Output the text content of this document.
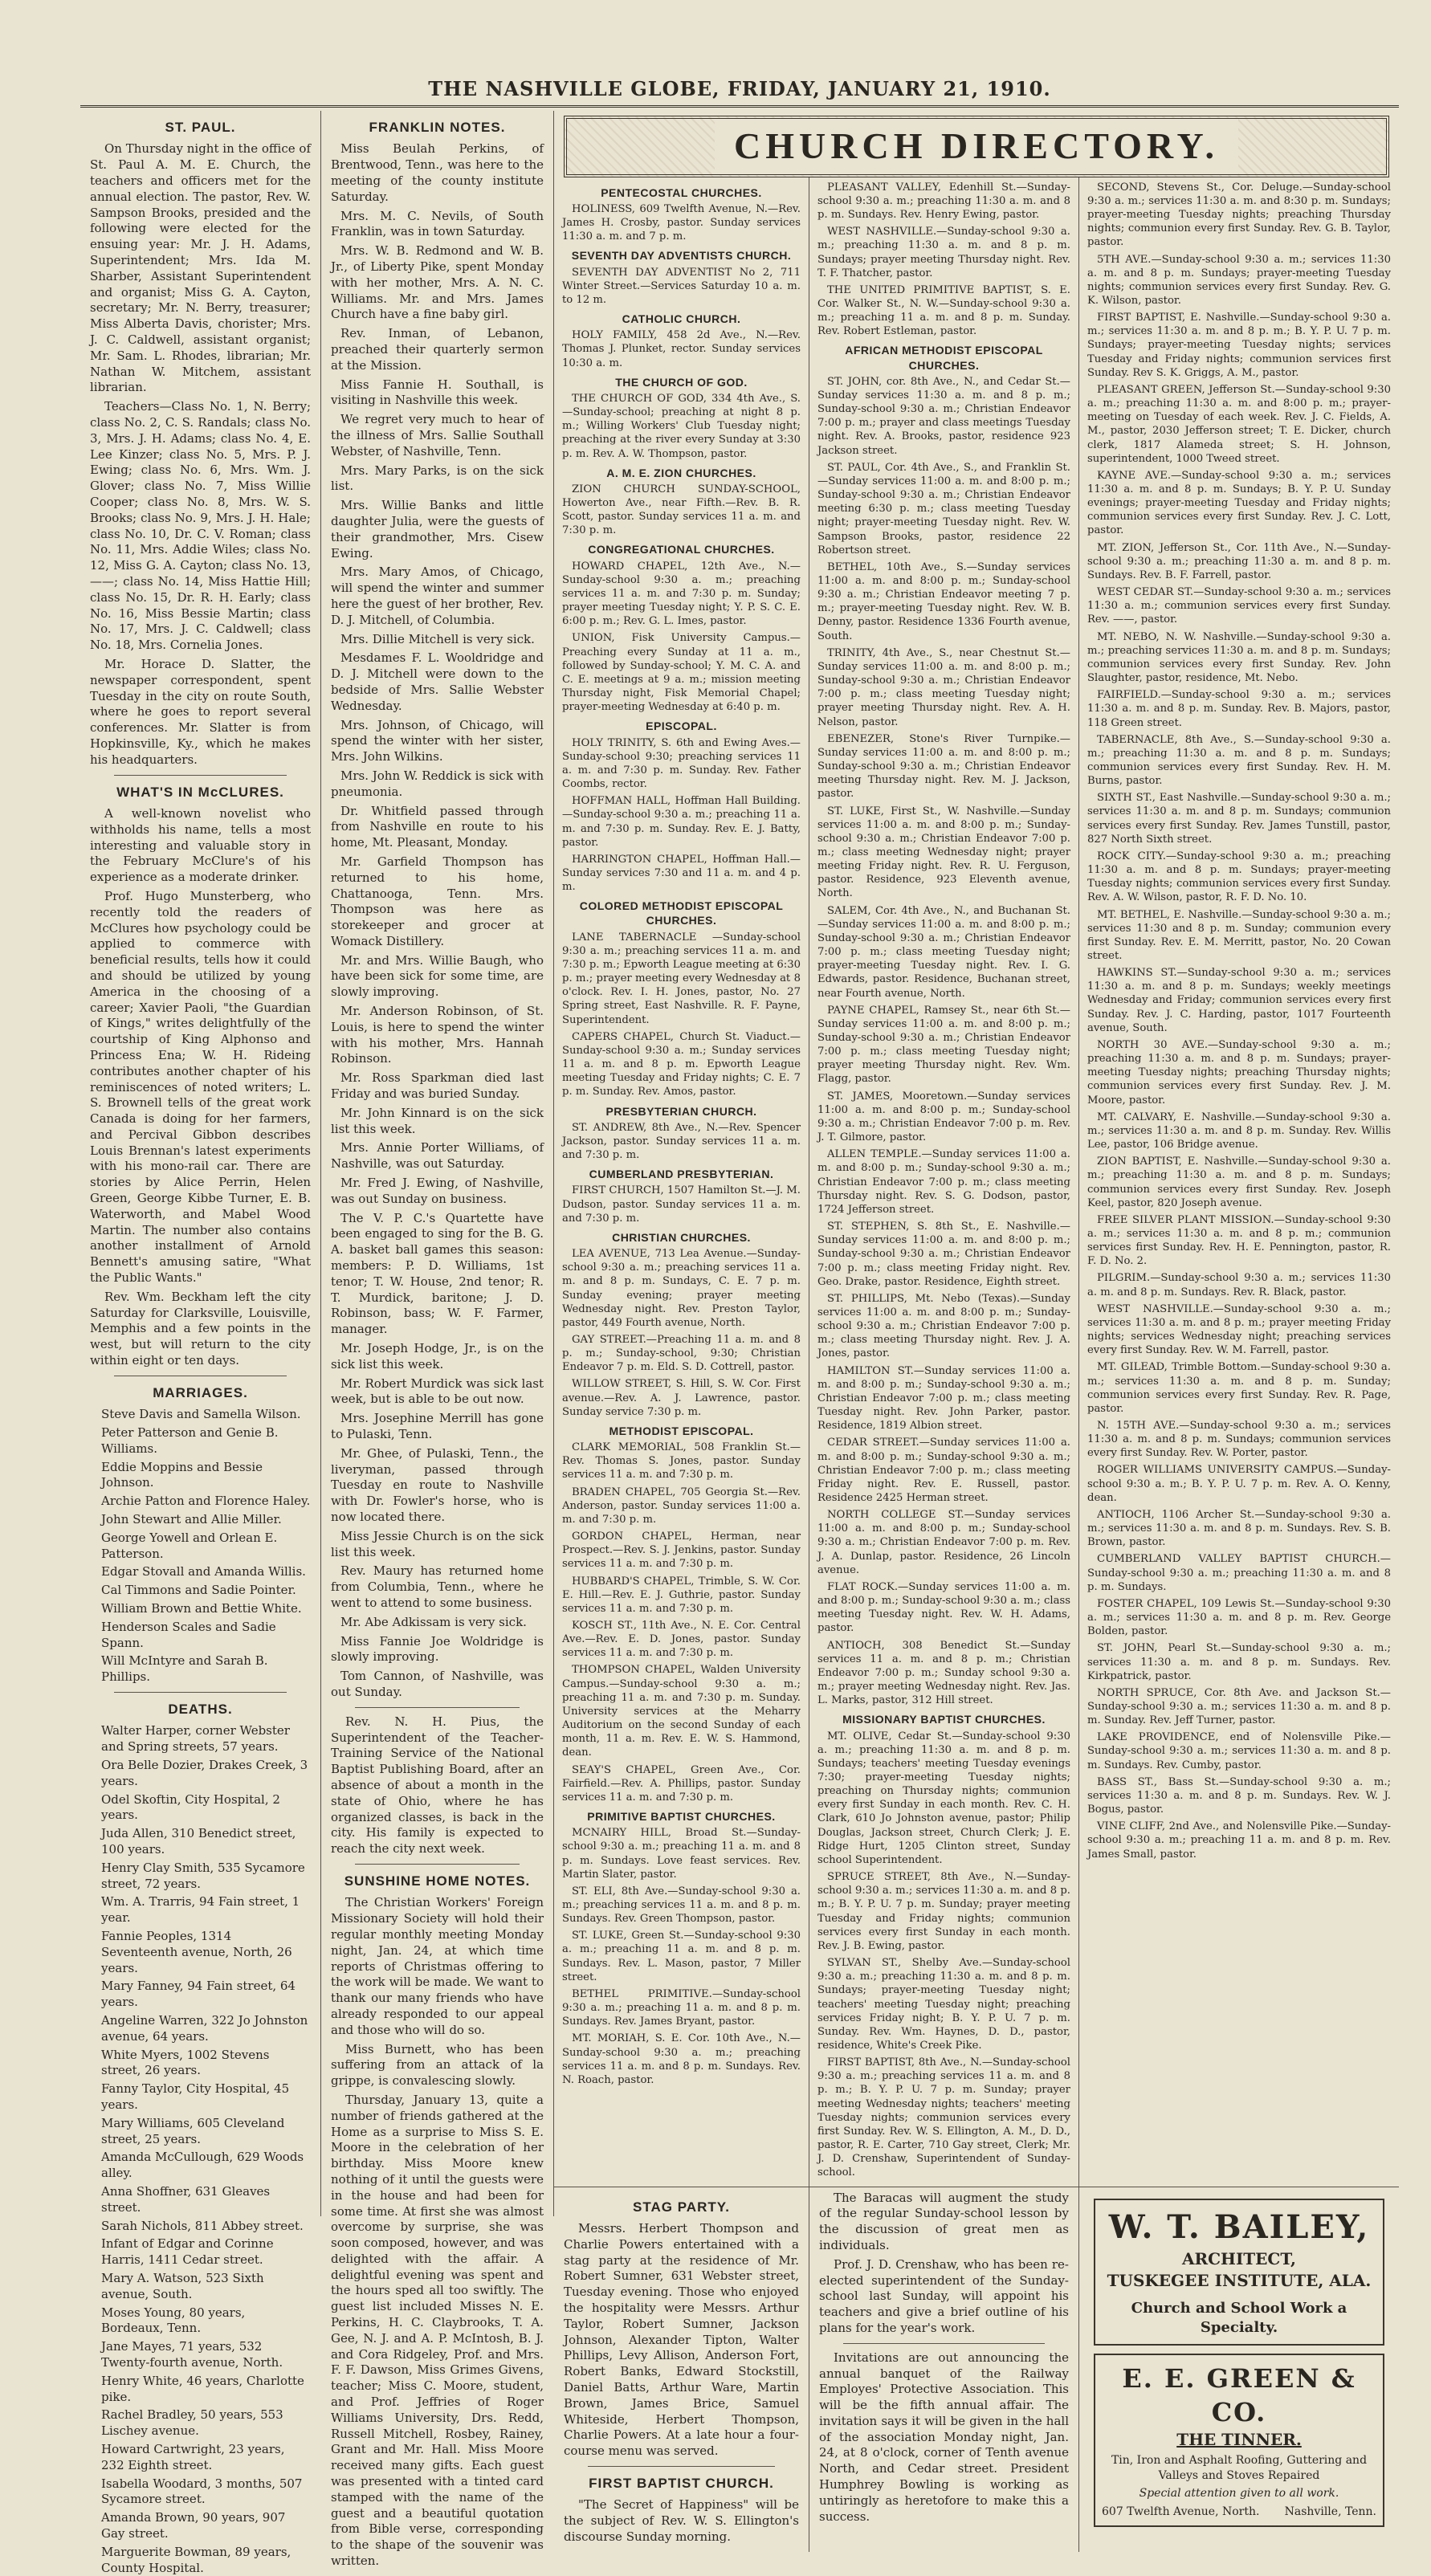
THE NASHVILLE GLOBE, FRIDAY, JANUARY 21, 1910.
ST. PAUL.

On Thursday night in the office of St. Paul A. M. E. Church, the teachers and officers met for the annual election. The pastor, Rev. W. Sampson Brooks, presided and the following were elected for the ensuing year: Mr. J. H. Adams, Superintendent; Mrs. Ida M. Sharber, Assistant Superintendent and organist; Miss G. A. Cayton, secretary; Mr. N. Berry, treasurer; Miss Alberta Davis, chorister; Mrs. J. C. Caldwell, assistant organist; Mr. Sam. L. Rhodes, librarian; Mr. Nathan W. Mitchem, assistant librarian.

Teachers—Class No. 1, N. Berry; class No. 2, C. S. Randals; class No. 3, Mrs. J. H. Adams; class No. 4, E. Lee Kinzer; class No. 5, Mrs. P. J. Ewing; class No. 6, Mrs. Wm. J. Glover; class No. 7, Miss Willie Cooper; class No. 8, Mrs. W. S. Brooks; class No. 9, Mrs. J. H. Hale; class No. 10, Dr. C. V. Roman; class No. 11, Mrs. Addie Wiles; class No. 12, Miss G. A. Cayton; class No. 13, ——; class No. 14, Miss Hattie Hill; class No. 15, Dr. R. H. Early; class No. 16, Miss Bessie Martin; class No. 17, Mrs. J. C. Caldwell; class No. 18, Mrs. Cornelia Jones.

Mr. Horace D. Slatter, the newspaper correspondent, spent Tuesday in the city on route South, where he goes to report several conferences. Mr. Slatter is from Hopkinsville, Ky., which he makes his headquarters.

WHAT'S IN McCLURES.

A well-known novelist who withholds his name, tells a most interesting and valuable story in the February McClure's of his experience as a moderate drinker.

Prof. Hugo Munsterberg, who recently told the readers of McClures how psychology could be applied to commerce with beneficial results, tells how it could and should be utilized by young America in the choosing of a career; Xavier Paoli, "the Guardian of Kings," writes delightfully of the courtship of King Alphonso and Princess Ena; W. H. Rideing contributes another chapter of his reminiscences of noted writers; L. S. Brownell tells of the great work Canada is doing for her farmers, and Percival Gibbon describes Louis Brennan's latest experiments with his mono-rail car. There are stories by Alice Perrin, Helen Green, George Kibbe Turner, E. B. Waterworth, and Mabel Wood Martin. The number also contains another installment of Arnold Bennett's amusing satire, "What the Public Wants."

Rev. Wm. Beckham left the city Saturday for Clarksville, Louisville, Memphis and a few points in the west, but will return to the city within eight or ten days.

MARRIAGES.
Steve Davis and Samella Wilson.
Peter Patterson and Genie B. Williams.
Eddie Moppins and Bessie Johnson.
Archie Patton and Florence Haley.
John Stewart and Allie Miller.
George Yowell and Orlean E. Patterson.
Edgar Stovall and Amanda Willis.
Cal Timmons and Sadie Pointer.
William Brown and Bettie White.
Henderson Scales and Sadie Spann.
Will McIntyre and Sarah B. Phillips.
DEATHS.
Walter Harper, corner Webster and Spring streets, 57 years.
Ora Belle Dozier, Drakes Creek, 3 years.
Odel Skoftin, City Hospital, 2 years.
Juda Allen, 310 Benedict street, 100 years.
Henry Clay Smith, 535 Sycamore street, 72 years.
Wm. A. Trarris, 94 Fain street, 1 year.
Fannie Peoples, 1314 Seventeenth avenue, North, 26 years.
Mary Fanney, 94 Fain street, 64 years.
Angeline Warren, 322 Jo Johnston avenue, 64 years.
White Myers, 1002 Stevens street, 26 years.
Fanny Taylor, City Hospital, 45 years.
Mary Williams, 605 Cleveland street, 25 years.
Amanda McCullough, 629 Woods alley.
Anna Shoffner, 631 Gleaves street.
Sarah Nichols, 811 Abbey street.
Infant of Edgar and Corinne Harris, 1411 Cedar street.
Mary A. Watson, 523 Sixth avenue, South.
Moses Young, 80 years, Bordeaux, Tenn.
Jane Mayes, 71 years, 532 Twenty-fourth avenue, North.
Henry White, 46 years, Charlotte pike.
Rachel Bradley, 50 years, 553 Lischey avenue.
Howard Cartwright, 23 years, 232 Eighth street.
Isabella Woodard, 3 months, 507 Sycamore street.
Amanda Brown, 90 years, 907 Gay street.
Marguerite Bowman, 89 years, County Hospital.
FRANKLIN NOTES.
Miss Beulah Perkins, of Brentwood, Tenn., was here to the meeting of the county institute Saturday.
Mrs. M. C. Nevils, of South Franklin, was in town Saturday.
Mrs. W. B. Redmond and W. B. Jr., of Liberty Pike, spent Monday with her mother, Mrs. A. N. C. Williams. Mr. and Mrs. James Church have a fine baby girl.
Rev. Inman, of Lebanon, preached their quarterly sermon at the Mission.
Miss Fannie H. Southall, is visiting in Nashville this week.
We regret very much to hear of the illness of Mrs. Sallie Southall Webster, of Nashville, Tenn.
Mrs. Mary Parks, is on the sick list.
Mrs. Willie Banks and little daughter Julia, were the guests of their grandmother, Mrs. Cisew Ewing.
Mrs. Mary Amos, of Chicago, will spend the winter and summer here the guest of her brother, Rev. D. J. Mitchell, of Columbia.
Mrs. Dillie Mitchell is very sick.
Mesdames F. L. Wooldridge and D. J. Mitchell were down to the bedside of Mrs. Sallie Webster Wednesday.
Mrs. Johnson, of Chicago, will spend the winter with her sister, Mrs. John Wilkins.
Mrs. John W. Reddick is sick with pneumonia.
Dr. Whitfield passed through from Nashville en route to his home, Mt. Pleasant, Monday.
Mr. Garfield Thompson has returned to his home, Chattanooga, Tenn. Mrs. Thompson was here as storekeeper and grocer at Womack Distillery.
Mr. and Mrs. Willie Baugh, who have been sick for some time, are slowly improving.
Mr. Anderson Robinson, of St. Louis, is here to spend the winter with his mother, Mrs. Hannah Robinson.
Mr. Ross Sparkman died last Friday and was buried Sunday.
Mr. John Kinnard is on the sick list this week.
Mrs. Annie Porter Williams, of Nashville, was out Saturday.
Mr. Fred J. Ewing, of Nashville, was out Sunday on business.
The V. P. C.'s Quartette have been engaged to sing for the B. G. A. basket ball games this season: members: P. D. Williams, 1st tenor; T. W. House, 2nd tenor; R. T. Murdick, baritone; J. D. Robinson, bass; W. F. Farmer, manager.
Mr. Joseph Hodge, Jr., is on the sick list this week.
Mr. Robert Murdick was sick last week, but is able to be out now.
Mrs. Josephine Merrill has gone to Pulaski, Tenn.
Mr. Ghee, of Pulaski, Tenn., the liveryman, passed through Tuesday en route to Nashville with Dr. Fowler's horse, who is now located there.
Miss Jessie Church is on the sick list this week.
Rev. Maury has returned home from Columbia, Tenn., where he went to attend to some business.
Mr. Abe Adkissam is very sick.
Miss Fannie Joe Woldridge is slowly improving.
Tom Cannon, of Nashville, was out Sunday.

Rev. N. H. Pius, the Superintendent of the Teacher-Training Service of the National Baptist Publishing Board, after an absence of about a month in the state of Ohio, where he has organized classes, is back in the city. His family is expected to reach the city next week.

SUNSHINE HOME NOTES.

The Christian Workers' Foreign Missionary Society will hold their regular monthly meeting Monday night, Jan. 24, at which time reports of Christmas offering to the work will be made. We want to thank our many friends who have already responded to our appeal and those who will do so.

Miss Burnett, who has been suffering from an attack of la grippe, is convalescing slowly.

Thursday, January 13, quite a number of friends gathered at the Home as a surprise to Miss S. E. Moore in the celebration of her birthday. Miss Moore knew nothing of it until the guests were in the house and had been for some time. At first she was almost overcome by surprise, she was soon composed, however, and was delighted with the affair. A delightful evening was spent and the hours sped all too swiftly. The guest list included Misses N. E. Perkins, H. C. Claybrooks, T. A. Gee, N. J. and A. P. McIntosh, B. J. and Cora Ridgeley, Prof. and Mrs. F. F. Dawson, Miss Grimes Givens, teacher; Miss C. Moore, student, and Prof. Jeffries of Roger Williams University, Drs. Redd, Russell Mitchell, Rosbey, Rainey, Grant and Mr. Hall. Miss Moore received many gifts. Each guest was presented with a tinted card stamped with the name of the guest and a beautiful quotation from Bible verse, corresponding to the shape of the souvenir was written.

CHURCH DIRECTORY.
PENTECOSTAL CHURCHES.
HOLINESS, 609 Twelfth Avenue, N.—Rev. James H. Crosby, pastor. Sunday services 11:30 a. m. and 7 p. m.
SEVENTH DAY ADVENTISTS CHURCH.
SEVENTH DAY ADVENTIST No 2, 711 Winter Street.—Services Saturday 10 a. m. to 12 m.
CATHOLIC CHURCH.
HOLY FAMILY, 458 2d Ave., N.—Rev. Thomas J. Plunket, rector. Sunday services 10:30 a. m.
THE CHURCH OF GOD.
THE CHURCH OF GOD, 334 4th Ave., S. —Sunday-school; preaching at night 8 p. m.; Willing Workers' Club Tuesday night; preaching at the river every Sunday at 3:30 p. m. Rev. A. W. Thompson, pastor.
A. M. E. ZION CHURCHES.
ZION CHURCH SUNDAY-SCHOOL, Howerton Ave., near Fifth.—Rev. B. R. Scott, pastor. Sunday services 11 a. m. and 7:30 p. m.
CONGREGATIONAL CHURCHES.
HOWARD CHAPEL, 12th Ave., N.—Sunday-school 9:30 a. m.; preaching services 11 a. m. and 7:30 p. m. Sunday; prayer meeting Tuesday night; Y. P. S. C. E. 6:00 p. m.; Rev. G. L. Imes, pastor.
UNION, Fisk University Campus.—Preaching every Sunday at 11 a. m., followed by Sunday-school; Y. M. C. A. and C. E. meetings at 9 a. m.; mission meeting Thursday night, Fisk Memorial Chapel; prayer-meeting Wednesday at 6:40 p. m.
EPISCOPAL.
HOLY TRINITY, S. 6th and Ewing Aves.—Sunday-school 9:30; preaching services 11 a. m. and 7:30 p. m. Sunday. Rev. Father Coombs, rector.
HOFFMAN HALL, Hoffman Hall Building.—Sunday-school 9:30 a. m.; preaching 11 a. m. and 7:30 p. m. Sunday. Rev. E. J. Batty, pastor.
HARRINGTON CHAPEL, Hoffman Hall.—Sunday services 7:30 and 11 a. m. and 4 p. m.
COLORED METHODIST EPISCOPAL CHURCHES.
LANE TABERNACLE —Sunday-school 9:30 a. m.; preaching services 11 a. m. and 7:30 p. m.; Epworth League meeting at 6:30 p. m.; prayer meeting every Wednesday at 8 o'clock. Rev. I. H. Jones, pastor, No. 27 Spring street, East Nashville. R. F. Payne, Superintendent.
CAPERS CHAPEL, Church St. Viaduct.—Sunday-school 9:30 a. m.; Sunday services 11 a. m. and 8 p. m. Epworth League meeting Tuesday and Friday nights; C. E. 7 p. m. Sunday. Rev. Amos, pastor.
PRESBYTERIAN CHURCH.
ST. ANDREW, 8th Ave., N.—Rev. Spencer Jackson, pastor. Sunday services 11 a. m. and 7:30 p. m.
CUMBERLAND PRESBYTERIAN.
FIRST CHURCH, 1507 Hamilton St.—J. M. Dudson, pastor. Sunday services 11 a. m. and 7:30 p. m.
CHRISTIAN CHURCHES.
LEA AVENUE, 713 Lea Avenue.—Sunday-school 9:30 a. m.; preaching services 11 a. m. and 8 p. m. Sundays, C. E. 7 p. m. Sunday evening; prayer meeting Wednesday night. Rev. Preston Taylor, pastor, 449 Fourth avenue, North.
GAY STREET.—Preaching 11 a. m. and 8 p. m.; Sunday-school, 9:30; Christian Endeavor 7 p. m. Eld. S. D. Cottrell, pastor.
WILLOW STREET, S. Hill, S. W. Cor. First avenue.—Rev. A. J. Lawrence, pastor. Sunday service 7:30 p. m.
METHODIST EPISCOPAL.
CLARK MEMORIAL, 508 Franklin St.—Rev. Thomas S. Jones, pastor. Sunday services 11 a. m. and 7:30 p. m.
BRADEN CHAPEL, 705 Georgia St.—Rev. Anderson, pastor. Sunday services 11:00 a. m. and 7:30 p. m.
GORDON CHAPEL, Herman, near Prospect.—Rev. S. J. Jenkins, pastor. Sunday services 11 a. m. and 7:30 p. m.
HUBBARD'S CHAPEL, Trimble, S. W. Cor. E. Hill.—Rev. E. J. Guthrie, pastor. Sunday services 11 a. m. and 7:30 p. m.
KOSCH ST., 11th Ave., N. E. Cor. Central Ave.—Rev. E. D. Jones, pastor. Sunday services 11 a. m. and 7:30 p. m.
THOMPSON CHAPEL, Walden University Campus.—Sunday-school 9:30 a. m.; preaching 11 a. m. and 7:30 p. m. Sunday. University services at the Meharry Auditorium on the second Sunday of each month, 11 a. m. Rev. E. W. S. Hammond, dean.
SEAY'S CHAPEL, Green Ave., Cor. Fairfield.—Rev. A. Phillips, pastor. Sunday services 11 a. m. and 7:30 p. m.
PRIMITIVE BAPTIST CHURCHES.
MCNAIRY HILL, Broad St.—Sunday-school 9:30 a. m.; preaching 11 a. m. and 8 p. m. Sundays. Love feast services. Rev. Martin Slater, pastor.
ST. ELI, 8th Ave.—Sunday-school 9:30 a. m.; preaching services 11 a. m. and 8 p. m. Sundays. Rev. Green Thompson, pastor.
ST. LUKE, Green St.—Sunday-school 9:30 a. m.; preaching 11 a. m. and 8 p. m. Sundays. Rev. L. Mason, pastor, 7 Miller street.
BETHEL PRIMITIVE.—Sunday-school 9:30 a. m.; preaching 11 a. m. and 8 p. m. Sundays. Rev. James Bryant, pastor.
MT. MORIAH, S. E. Cor. 10th Ave., N.—Sunday-school 9:30 a. m.; preaching services 11 a. m. and 8 p. m. Sundays. Rev. N. Roach, pastor.
PLEASANT VALLEY, Edenhill St.—Sunday-school 9:30 a. m.; preaching 11:30 a. m. and 8 p. m. Sundays. Rev. Henry Ewing, pastor.
WEST NASHVILLE.—Sunday-school 9:30 a. m.; preaching 11:30 a. m. and 8 p. m. Sundays; prayer meeting Thursday night. Rev. T. F. Thatcher, pastor.
THE UNITED PRIMITIVE BAPTIST, S. E. Cor. Walker St., N. W.—Sunday-school 9:30 a. m.; preaching 11 a. m. and 8 p. m. Sunday. Rev. Robert Estleman, pastor.
AFRICAN METHODIST EPISCOPAL CHURCHES.
ST. JOHN, cor. 8th Ave., N., and Cedar St.—Sunday services 11:30 a. m. and 8 p. m.; Sunday-school 9:30 a. m.; Christian Endeavor 7:00 p. m.; prayer and class meetings Tuesday night. Rev. A. Brooks, pastor, residence 923 Jackson street.
ST. PAUL, Cor. 4th Ave., S., and Franklin St.—Sunday services 11:00 a. m. and 8:00 p. m.; Sunday-school 9:30 a. m.; Christian Endeavor meeting 6:30 p. m.; class meeting Tuesday night; prayer-meeting Tuesday night. Rev. W. Sampson Brooks, pastor, residence 22 Robertson street.
BETHEL, 10th Ave., S.—Sunday services 11:00 a. m. and 8:00 p. m.; Sunday-school 9:30 a. m.; Christian Endeavor meeting 7 p. m.; prayer-meeting Tuesday night. Rev. W. B. Denny, pastor. Residence 1336 Fourth avenue, South.
TRINITY, 4th Ave., S., near Chestnut St.—Sunday services 11:00 a. m. and 8:00 p. m.; Sunday-school 9:30 a. m.; Christian Endeavor 7:00 p. m.; class meeting Tuesday night; prayer meeting Thursday night. Rev. A. H. Nelson, pastor.
EBENEZER, Stone's River Turnpike.—Sunday services 11:00 a. m. and 8:00 p. m.; Sunday-school 9:30 a. m.; Christian Endeavor meeting Thursday night. Rev. M. J. Jackson, pastor.
ST. LUKE, First St., W. Nashville.—Sunday services 11:00 a. m. and 8:00 p. m.; Sunday-school 9:30 a. m.; Christian Endeavor 7:00 p. m.; class meeting Wednesday night; prayer meeting Friday night. Rev. R. U. Ferguson, pastor. Residence, 923 Eleventh avenue, North.
SALEM, Cor. 4th Ave., N., and Buchanan St.—Sunday services 11:00 a. m. and 8:00 p. m.; Sunday-school 9:30 a. m.; Christian Endeavor 7:00 p. m.; class meeting Tuesday night; prayer-meeting Tuesday night. Rev. I. G. Edwards, pastor. Residence, Buchanan street, near Fourth avenue, North.
PAYNE CHAPEL, Ramsey St., near 6th St.—Sunday services 11:00 a. m. and 8:00 p. m.; Sunday-school 9:30 a. m.; Christian Endeavor 7:00 p. m.; class meeting Tuesday night; prayer meeting Thursday night. Rev. Wm. Flagg, pastor.
ST. JAMES, Mooretown.—Sunday services 11:00 a. m. and 8:00 p. m.; Sunday-school 9:30 a. m.; Christian Endeavor 7:00 p. m. Rev. J. T. Gilmore, pastor.
ALLEN TEMPLE.—Sunday services 11:00 a. m. and 8:00 p. m.; Sunday-school 9:30 a. m.; Christian Endeavor 7:00 p. m.; class meeting Thursday night. Rev. S. G. Dodson, pastor, 1724 Jefferson street.
ST. STEPHEN, S. 8th St., E. Nashville.—Sunday services 11:00 a. m. and 8:00 p. m.; Sunday-school 9:30 a. m.; Christian Endeavor 7:00 p. m.; class meeting Friday night. Rev. Geo. Drake, pastor. Residence, Eighth street.
ST. PHILLIPS, Mt. Nebo (Texas).—Sunday services 11:00 a. m. and 8:00 p. m.; Sunday-school 9:30 a. m.; Christian Endeavor 7:00 p. m.; class meeting Thursday night. Rev. J. A. Jones, pastor.
HAMILTON ST.—Sunday services 11:00 a. m. and 8:00 p. m.; Sunday-school 9:30 a. m.; Christian Endeavor 7:00 p. m.; class meeting Tuesday night. Rev. John Parker, pastor. Residence, 1819 Albion street.
CEDAR STREET.—Sunday services 11:00 a. m. and 8:00 p. m.; Sunday-school 9:30 a. m.; Christian Endeavor 7:00 p. m.; class meeting Friday night. Rev. E. Russell, pastor. Residence 2425 Herman street.
NORTH COLLEGE ST.—Sunday services 11:00 a. m. and 8:00 p. m.; Sunday-school 9:30 a. m.; Christian Endeavor 7:00 p. m. Rev. J. A. Dunlap, pastor. Residence, 26 Lincoln avenue.
FLAT ROCK.—Sunday services 11:00 a. m. and 8:00 p. m.; Sunday-school 9:30 a. m.; class meeting Tuesday night. Rev. W. H. Adams, pastor.
ANTIOCH, 308 Benedict St.—Sunday services 11 a. m. and 8 p. m.; Christian Endeavor 7:00 p. m.; Sunday school 9:30 a. m.; prayer meeting Wednesday night. Rev. Jas. L. Marks, pastor, 312 Hill street.
MISSIONARY BAPTIST CHURCHES.
MT. OLIVE, Cedar St.—Sunday-school 9:30 a. m.; preaching 11:30 a. m. and 8 p. m. Sundays; teachers' meeting Tuesday evenings 7:30; prayer-meeting Tuesday nights; preaching on Thursday nights; communion every first Sunday in each month. Rev. C. H. Clark, 610 Jo Johnston avenue, pastor; Philip Douglas, Jackson street, Church Clerk; J. E. Ridge Hurt, 1205 Clinton street, Sunday school Superintendent.
SPRUCE STREET, 8th Ave., N.—Sunday-school 9:30 a. m.; services 11:30 a. m. and 8 p. m.; B. Y. P. U. 7 p. m. Sunday; prayer meeting Tuesday and Friday nights; communion services every first Sunday in each month. Rev. J. B. Ewing, pastor.
SYLVAN ST., Shelby Ave.—Sunday-school 9:30 a. m.; preaching 11:30 a. m. and 8 p. m. Sundays; prayer-meeting Tuesday night; teachers' meeting Tuesday night; preaching services Friday night; B. Y. P. U. 7 p. m. Sunday. Rev. Wm. Haynes, D. D., pastor, residence, White's Creek Pike.
FIRST BAPTIST, 8th Ave., N.—Sunday-school 9:30 a. m.; preaching services 11 a. m. and 8 p. m.; B. Y. P. U. 7 p. m. Sunday; prayer meeting Wednesday nights; teachers' meeting Tuesday nights; communion services every first Sunday. Rev. W. S. Ellington, A. M., D. D., pastor, R. E. Carter, 710 Gay street, Clerk; Mr. J. D. Crenshaw, Superintendent of Sunday-school.
SECOND, Stevens St., Cor. Deluge.—Sunday-school 9:30 a. m.; services 11:30 a. m. and 8:30 p. m. Sundays; prayer-meeting Tuesday nights; preaching Thursday nights; communion every first Sunday. Rev. G. B. Taylor, pastor.
5TH AVE.—Sunday-school 9:30 a. m.; services 11:30 a. m. and 8 p. m. Sundays; prayer-meeting Tuesday nights; communion services every first Sunday. Rev. G. K. Wilson, pastor.
FIRST BAPTIST, E. Nashville.—Sunday-school 9:30 a. m.; services 11:30 a. m. and 8 p. m.; B. Y. P. U. 7 p. m. Sundays; prayer-meeting Tuesday nights; services Tuesday and Friday nights; communion services first Sunday. Rev S. K. Griggs, A. M., pastor.
PLEASANT GREEN, Jefferson St.—Sunday-school 9:30 a. m.; preaching 11:30 a. m. and 8:00 p. m.; prayer-meeting on Tuesday of each week. Rev. J. C. Fields, A. M., pastor, 2030 Jefferson street; T. E. Dicker, church clerk, 1817 Alameda street; S. H. Johnson, superintendent, 1000 Tweed street.
KAYNE AVE.—Sunday-school 9:30 a. m.; services 11:30 a. m. and 8 p. m. Sundays; B. Y. P. U. Sunday evenings; prayer-meeting Tuesday and Friday nights; communion services every first Sunday. Rev. J. C. Lott, pastor.
MT. ZION, Jefferson St., Cor. 11th Ave., N.—Sunday-school 9:30 a. m.; preaching 11:30 a. m. and 8 p. m. Sundays. Rev. B. F. Farrell, pastor.
WEST CEDAR ST.—Sunday-school 9:30 a. m.; services 11:30 a. m.; communion services every first Sunday. Rev. ——, pastor.
MT. NEBO, N. W. Nashville.—Sunday-school 9:30 a. m.; preaching services 11:30 a. m. and 8 p. m. Sundays; communion services every first Sunday. Rev. John Slaughter, pastor, residence, Mt. Nebo.
FAIRFIELD.—Sunday-school 9:30 a. m.; services 11:30 a. m. and 8 p. m. Sunday. Rev. B. Majors, pastor, 118 Green street.
TABERNACLE, 8th Ave., S.—Sunday-school 9:30 a. m.; preaching 11:30 a. m. and 8 p. m. Sundays; communion services every first Sunday. Rev. H. M. Burns, pastor.
SIXTH ST., East Nashville.—Sunday-school 9:30 a. m.; services 11:30 a. m. and 8 p. m. Sundays; communion services every first Sunday. Rev. James Tunstill, pastor, 827 North Sixth street.
ROCK CITY.—Sunday-school 9:30 a. m.; preaching 11:30 a. m. and 8 p. m. Sundays; prayer-meeting Tuesday nights; communion services every first Sunday. Rev. A. W. Wilson, pastor, R. F. D. No. 10.
MT. BETHEL, E. Nashville.—Sunday-school 9:30 a. m.; services 11:30 and 8 p. m. Sunday; communion every first Sunday. Rev. E. M. Merritt, pastor, No. 20 Cowan street.
HAWKINS ST.—Sunday-school 9:30 a. m.; services 11:30 a. m. and 8 p. m. Sundays; weekly meetings Wednesday and Friday; communion services every first Sunday. Rev. J. C. Harding, pastor, 1017 Fourteenth avenue, South.
NORTH 30 AVE.—Sunday-school 9:30 a. m.; preaching 11:30 a. m. and 8 p. m. Sundays; prayer-meeting Tuesday nights; preaching Thursday nights; communion services every first Sunday. Rev. J. M. Moore, pastor.
MT. CALVARY, E. Nashville.—Sunday-school 9:30 a. m.; services 11:30 a. m. and 8 p. m. Sunday. Rev. Willis Lee, pastor, 106 Bridge avenue.
ZION BAPTIST, E. Nashville.—Sunday-school 9:30 a. m.; preaching 11:30 a. m. and 8 p. m. Sundays; communion services every first Sunday. Rev. Joseph Keel, pastor, 820 Joseph avenue.
FREE SILVER PLANT MISSION.—Sunday-school 9:30 a. m.; services 11:30 a. m. and 8 p. m.; communion services first Sunday. Rev. H. E. Pennington, pastor, R. F. D. No. 2.
PILGRIM.—Sunday-school 9:30 a. m.; services 11:30 a. m. and 8 p. m. Sundays. Rev. R. Black, pastor.
WEST NASHVILLE.—Sunday-school 9:30 a. m.; services 11:30 a. m. and 8 p. m.; prayer meeting Friday nights; services Wednesday night; preaching services every first Sunday. Rev. W. M. Farrell, pastor.
MT. GILEAD, Trimble Bottom.—Sunday-school 9:30 a. m.; services 11:30 a. m. and 8 p. m. Sunday; communion services every first Sunday. Rev. R. Page, pastor.
N. 15TH AVE.—Sunday-school 9:30 a. m.; services 11:30 a. m. and 8 p. m. Sundays; communion services every first Sunday. Rev. W. Porter, pastor.
ROGER WILLIAMS UNIVERSITY CAMPUS.—Sunday-school 9:30 a. m.; B. Y. P. U. 7 p. m. Rev. A. O. Kenny, dean.
ANTIOCH, 1106 Archer St.—Sunday-school 9:30 a. m.; services 11:30 a. m. and 8 p. m. Sundays. Rev. S. B. Brown, pastor.
CUMBERLAND VALLEY BAPTIST CHURCH.—Sunday-school 9:30 a. m.; preaching 11:30 a. m. and 8 p. m. Sundays.
FOSTER CHAPEL, 109 Lewis St.—Sunday-school 9:30 a. m.; services 11:30 a. m. and 8 p. m. Rev. George Bolden, pastor.
ST. JOHN, Pearl St.—Sunday-school 9:30 a. m.; services 11:30 a. m. and 8 p. m. Sundays. Rev. Kirkpatrick, pastor.
NORTH SPRUCE, Cor. 8th Ave. and Jackson St.—Sunday-school 9:30 a. m.; services 11:30 a. m. and 8 p. m. Sunday. Rev. Jeff Turner, pastor.
LAKE PROVIDENCE, end of Nolensville Pike.—Sunday-school 9:30 a. m.; services 11:30 a. m. and 8 p. m. Sundays. Rev. Cumby, pastor.
BASS ST., Bass St.—Sunday-school 9:30 a. m.; services 11:30 a. m. and 8 p. m. Sundays. Rev. W. J. Bogus, pastor.
VINE CLIFF, 2nd Ave., and Nolensville Pike.—Sunday-school 9:30 a. m.; preaching 11 a. m. and 8 p. m. Rev. James Small, pastor.
STAG PARTY.

Messrs. Herbert Thompson and Charlie Powers entertained with a stag party at the residence of Mr. Robert Sumner, 631 Webster street, Tuesday evening. Those who enjoyed the hospitality were Messrs. Arthur Taylor, Robert Sumner, Jackson Johnson, Alexander Tipton, Walter Phillips, Levy Allison, Anderson Fort, Robert Banks, Edward Stockstill, Daniel Batts, Arthur Ware, Martin Brown, James Brice, Samuel Whiteside, Herbert Thompson, Charlie Powers. At a late hour a four-course menu was served.

FIRST BAPTIST CHURCH.

"The Secret of Happiness" will be the subject of Rev. W. S. Ellington's discourse Sunday morning.

The Baracas will augment the study of the regular Sunday-school lesson by the discussion of great men as individuals.

Prof. J. D. Crenshaw, who has been re-elected superintendent of the Sunday-school last Sunday, will appoint his teachers and give a brief outline of his plans for the year's work.

Invitations are out announcing the annual banquet of the Railway Employes' Protective Association. This will be the fifth annual affair. The invitation says it will be given in the hall of the association Monday night, Jan. 24, at 8 o'clock, corner of Tenth avenue North, and Cedar street. President Humphrey Bowling is working as untiringly as heretofore to make this a success.

W. T. BAILEY,
ARCHITECT,
TUSKEGEE INSTITUTE, ALA.
Church and School Work a Specialty.
E. E. GREEN & CO.
THE TINNER.
Tin, Iron and Asphalt Roofing, Guttering and Valleys and Stoves Repaired
Special attention given to all work.
607 Twelfth Avenue, North. Nashville, Tenn.
